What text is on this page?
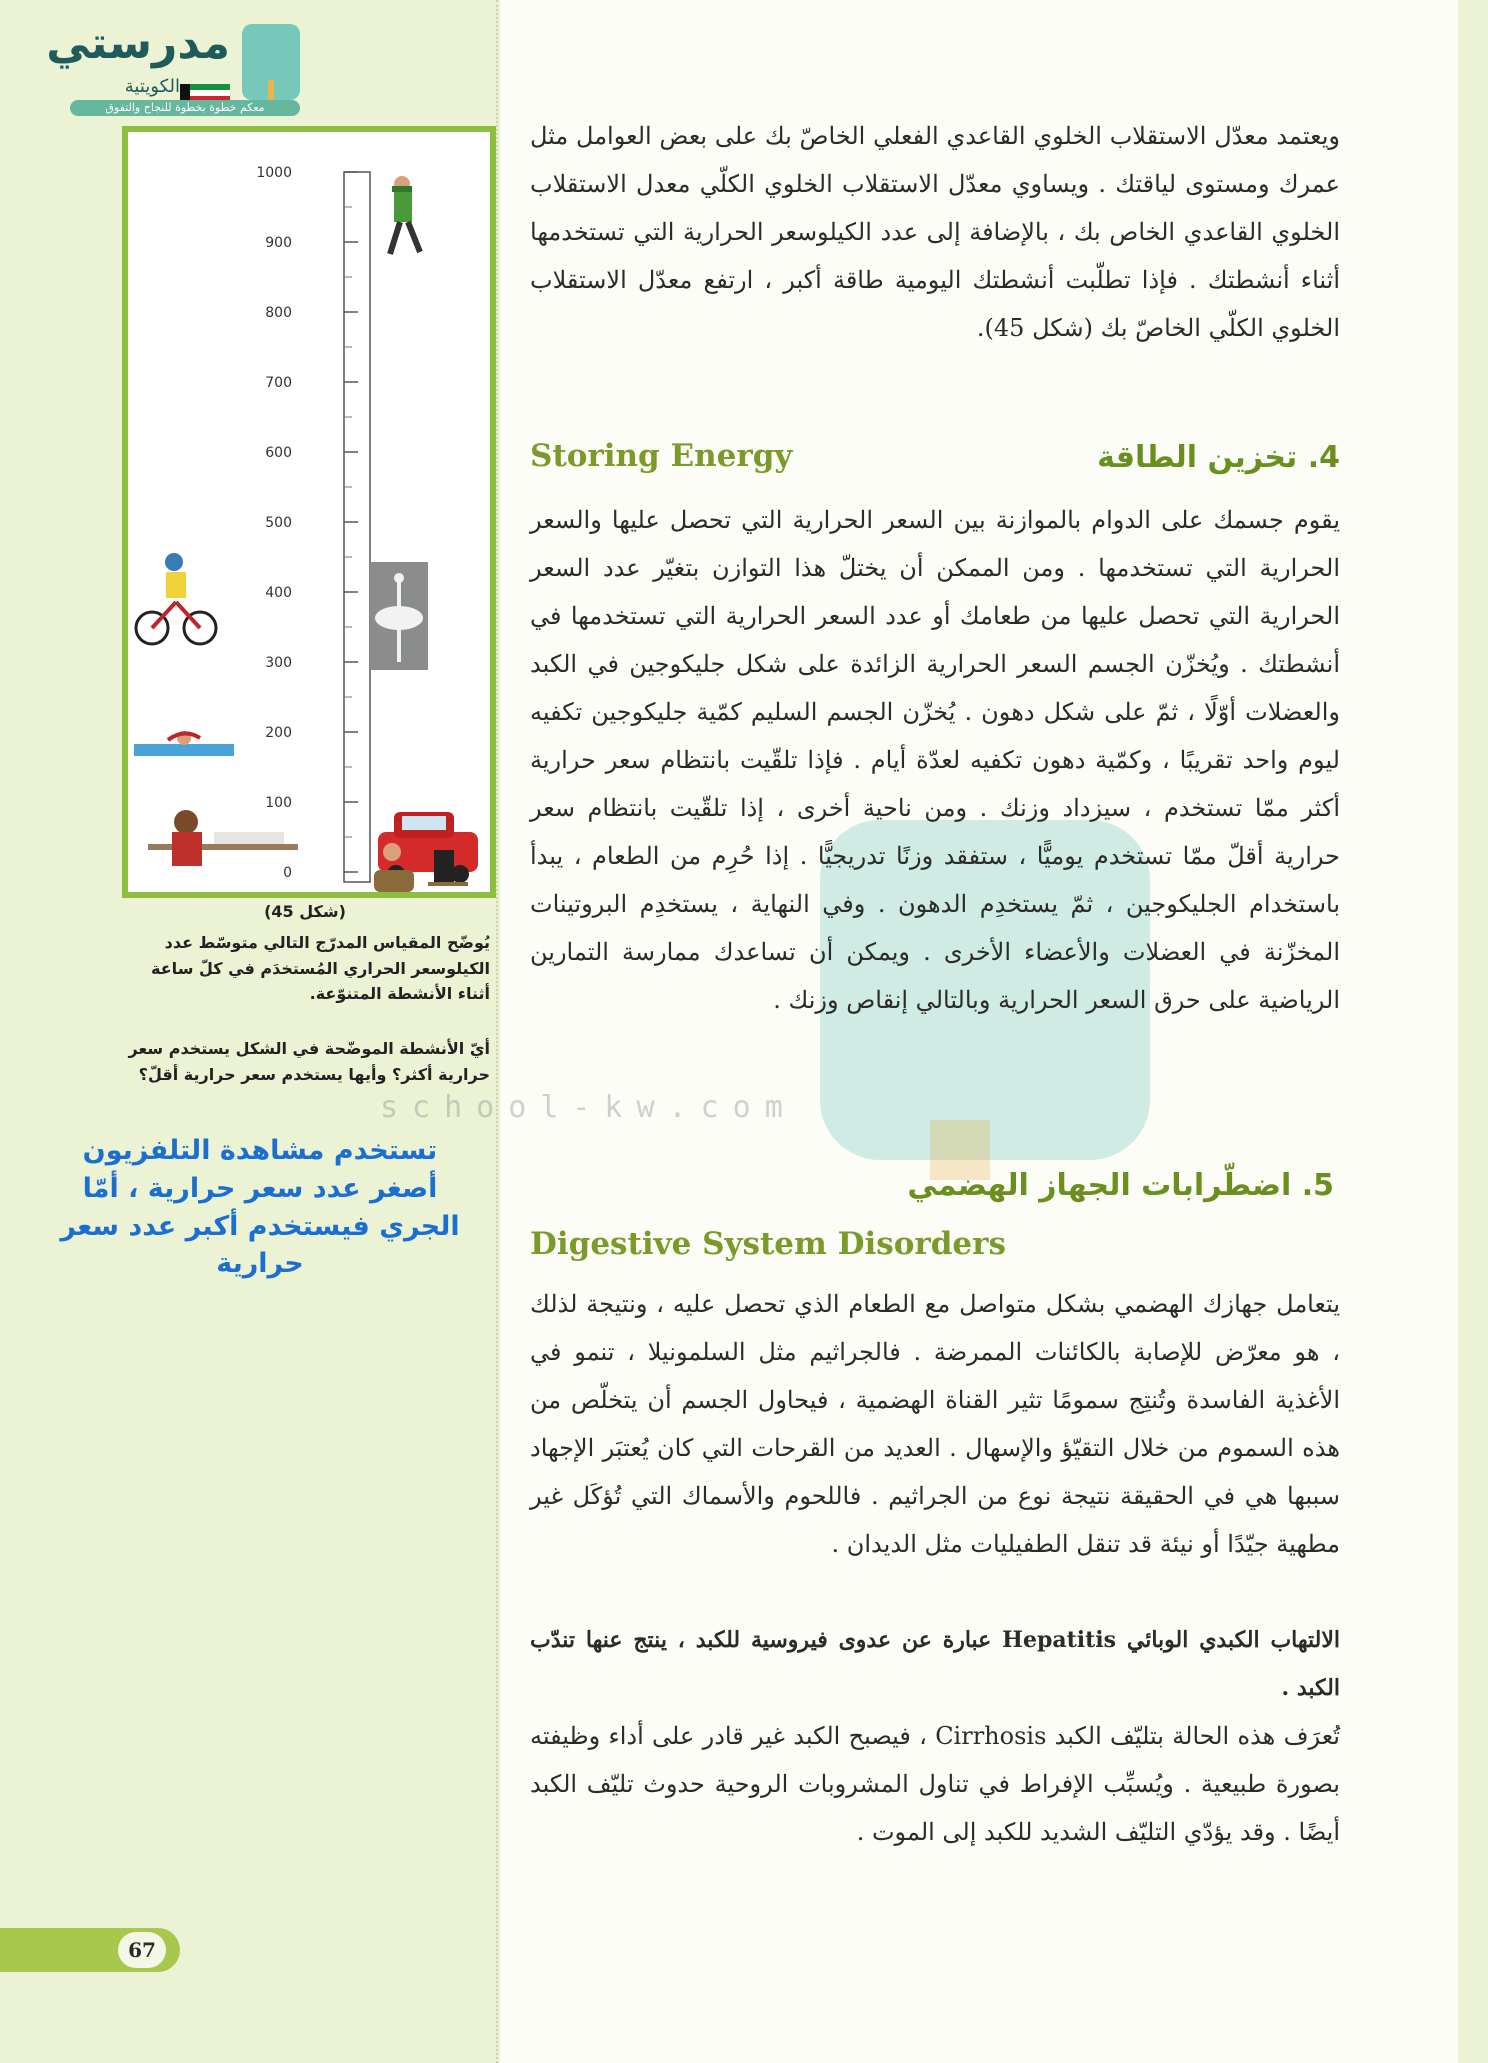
school-kw.com
مدرستي
الكويتية
معكم خطوة بخطوة للنجاح والتفوق
1000
900
800
700
600
500
400
300
200
100
0
(شكل 45)
يُوضّح المقياس المدرّج التالي متوسّط عدد الكيلوسعر الحراري المُستخدَم في كلّ ساعة أثناء الأنشطة المتنوّعة.
أيّ الأنشطة الموضّحة في الشكل يستخدم سعر حرارية أكثر؟ وأيها يستخدم سعر حرارية أقلّ؟
تستخدم مشاهدة التلفزيون أصغر عدد سعر حرارية ، أمّا الجري فيستخدم أكبر عدد سعر حرارية
ويعتمد معدّل الاستقلاب الخلوي القاعدي الفعلي الخاصّ بك على بعض العوامل مثل عمرك ومستوى لياقتك . ويساوي معدّل الاستقلاب الخلوي الكلّي معدل الاستقلاب الخلوي القاعدي الخاص بك ، بالإضافة إلى عدد الكيلوسعر الحرارية التي تستخدمها أثناء أنشطتك . فإذا تطلّبت أنشطتك اليومية طاقة أكبر ، ارتفع معدّل الاستقلاب الخلوي الكلّي الخاصّ بك (شكل 45).
Storing Energy	4. تخزين الطاقة
يقوم جسمك على الدوام بالموازنة بين السعر الحرارية التي تحصل عليها والسعر الحرارية التي تستخدمها . ومن الممكن أن يختلّ هذا التوازن بتغيّر عدد السعر الحرارية التي تحصل عليها من طعامك أو عدد السعر الحرارية التي تستخدمها في أنشطتك . ويُخزّن الجسم السعر الحرارية الزائدة على شكل جليكوجين في الكبد والعضلات أوّلًا ، ثمّ على شكل دهون . يُخزّن الجسم السليم كمّية جليكوجين تكفيه ليوم واحد تقريبًا ، وكمّية دهون تكفيه لعدّة أيام . فإذا تلقّيت بانتظام سعر حرارية أكثر ممّا تستخدم ، سيزداد وزنك . ومن ناحية أخرى ، إذا تلقّيت بانتظام سعر حرارية أقلّ ممّا تستخدم يوميًّا ، ستفقد وزنًا تدريجيًّا . إذا حُرِم من الطعام ، يبدأ باستخدام الجليكوجين ، ثمّ يستخدِم الدهون . وفي النهاية ، يستخدِم البروتينات المخزّنة في العضلات والأعضاء الأخرى . ويمكن أن تساعدك ممارسة التمارين الرياضية على حرق السعر الحرارية وبالتالي إنقاص وزنك .
5. اضطّرابات الجهاز الهضمي
Digestive System Disorders
يتعامل جهازك الهضمي بشكل متواصل مع الطعام الذي تحصل عليه ، ونتيجة لذلك ، هو معرّض للإصابة بالكائنات الممرضة . فالجراثيم مثل السلمونيلا ، تنمو في الأغذية الفاسدة وتُنتِج سمومًا تثير القناة الهضمية ، فيحاول الجسم أن يتخلّص من هذه السموم من خلال التقيّؤ والإسهال . العديد من القرحات التي كان يُعتبَر الإجهاد سببها هي في الحقيقة نتيجة نوع من الجراثيم . فاللحوم والأسماك التي تُؤكَل غير مطهية جيّدًا أو نيئة قد تنقل الطفيليات مثل الديدان .
الالتهاب الكبدي الوبائي Hepatitis عبارة عن عدوى فيروسية للكبد ، ينتج عنها تندّب الكبد .
تُعرَف هذه الحالة بتليّف الكبد Cirrhosis ، فيصبح الكبد غير قادر على أداء وظيفته بصورة طبيعية . ويُسبِّب الإفراط في تناول المشروبات الروحية حدوث تليّف الكبد أيضًا . وقد يؤدّي التليّف الشديد للكبد إلى الموت .
67
